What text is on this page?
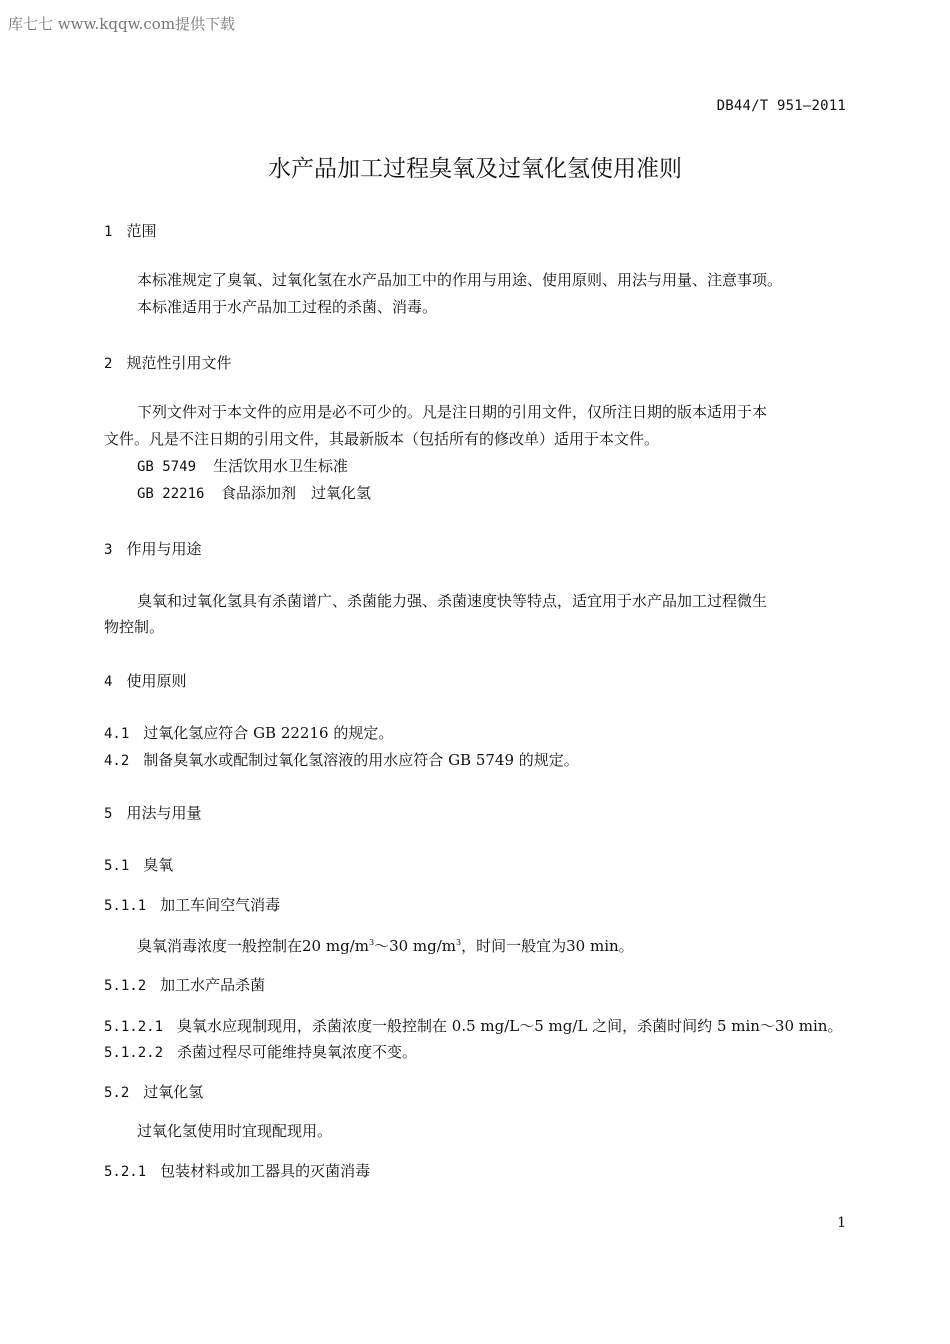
库七七 www.kqqw.com提供下载
DB44/T 951—2011
水产品加工过程臭氧及过氧化氢使用准则
1 范围
本标准规定了臭氧、过氧化氢在水产品加工中的作用与用途、使用原则、用法与用量、注意事项。
本标准适用于水产品加工过程的杀菌、消毒。
2 规范性引用文件
下列文件对于本文件的应用是必不可少的。凡是注日期的引用文件，仅所注日期的版本适用于本
文件。凡是不注日期的引用文件，其最新版本（包括所有的修改单）适用于本文件。
GB 5749 生活饮用水卫生标准
GB 22216 食品添加剂　过氧化氢
3 作用与用途
臭氧和过氧化氢具有杀菌谱广、杀菌能力强、杀菌速度快等特点，适宜用于水产品加工过程微生
物控制。
4 使用原则
4.1 过氧化氢应符合 GB 22216 的规定。
4.2 制备臭氧水或配制过氧化氢溶液的用水应符合 GB 5749 的规定。
5 用法与用量
5.1 臭氧
5.1.1 加工车间空气消毒
臭氧消毒浓度一般控制在20 $mg/m^3\sim 30$ $mg/m^3$，时间一般宜为30 min。
5.1.2 加工水产品杀菌
5.1.2.1 臭氧水应现制现用，杀菌浓度一般控制在 0.5 mg/L～5 mg/L 之间，杀菌时间约 5 min～30 min。
5.1.2.2 杀菌过程尽可能维持臭氧浓度不变。
5.2 过氧化氢
过氧化氢使用时宜现配现用。
5.2.1 包装材料或加工器具的灭菌消毒
1
